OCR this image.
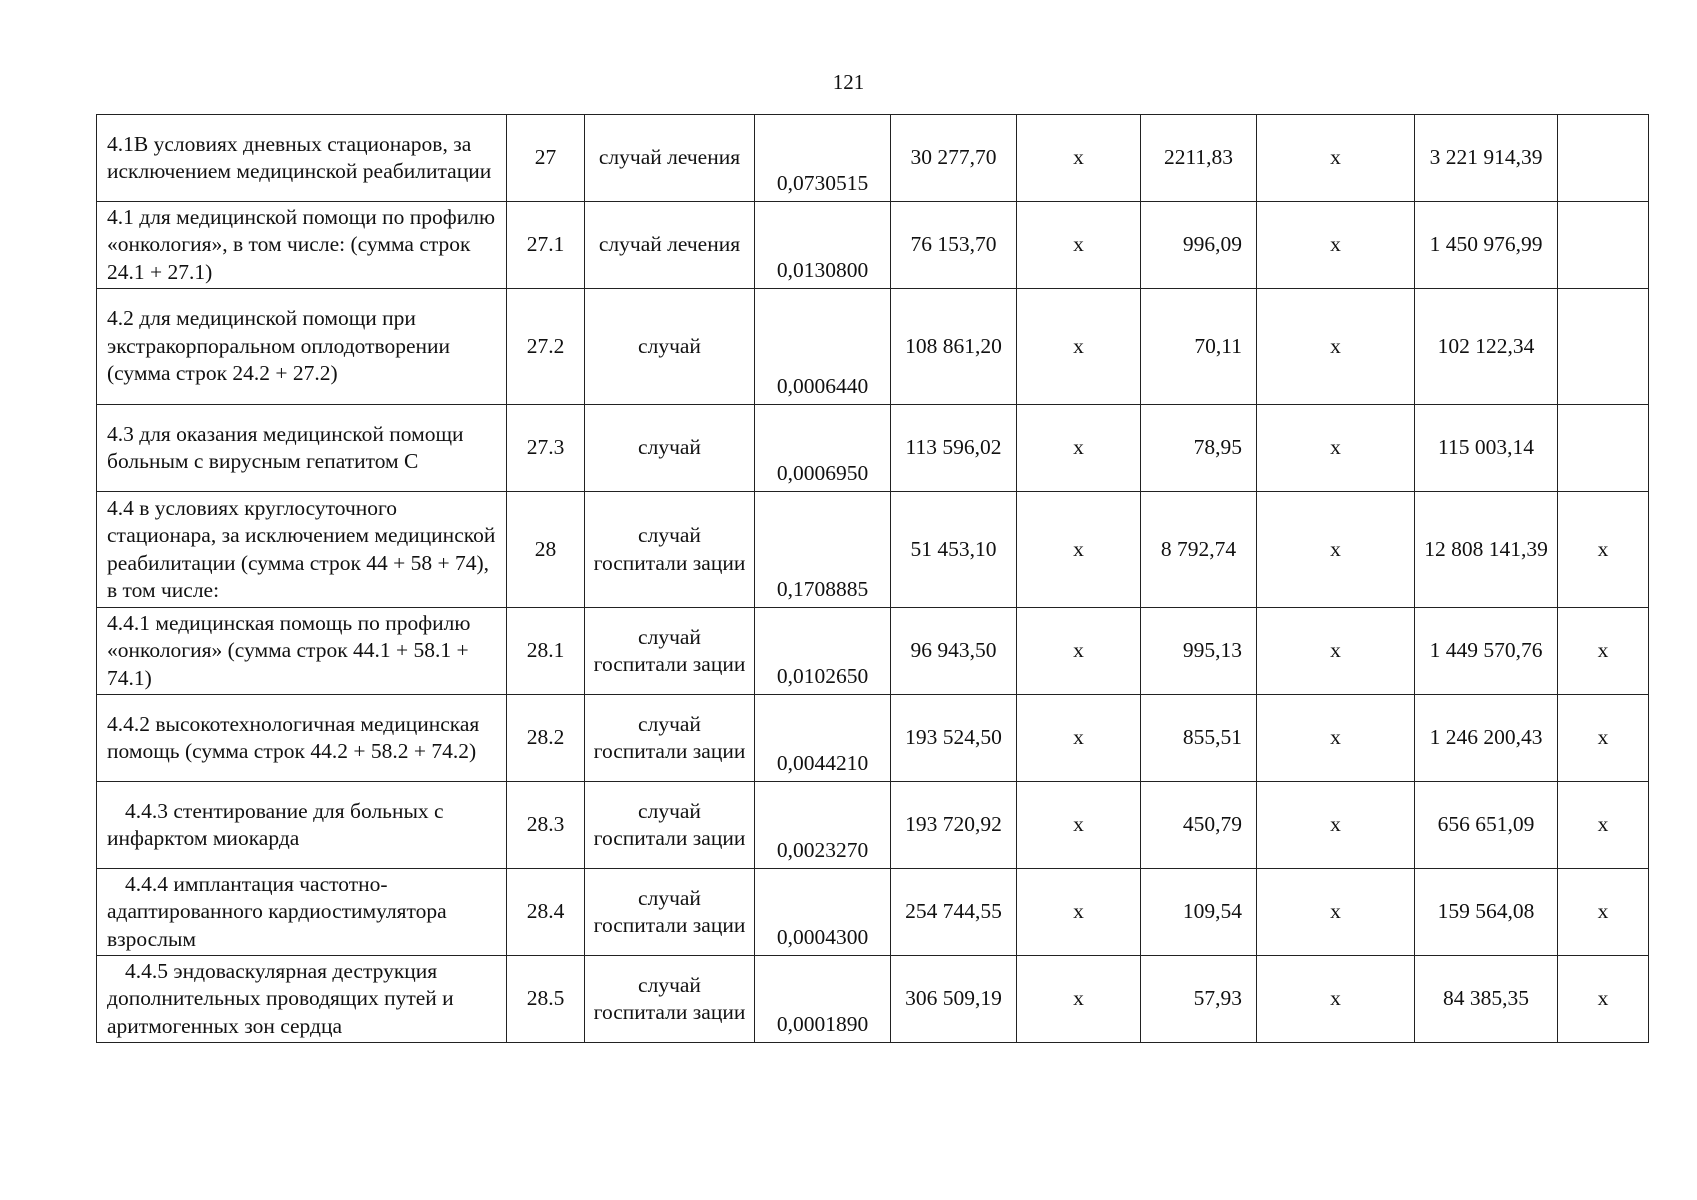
121
4.1В условиях дневных стационаров, за исключением медицинской реабилитации	27	случай лечения	0,0730515	30 277,70	х	2211,83	х	3 221 914,39	
4.1 для медицинской помощи по профилю «онкология», в том числе: (сумма строк 24.1 + 27.1)	27.1	случай лечения	0,0130800	76 153,70	х	996,09	х	1 450 976,99	
4.2 для медицинской помощи при экстракорпоральном оплодотворении (сумма строк 24.2 + 27.2)	27.2	случай	0,0006440	108 861,20	х	70,11	х	102 122,34	
4.3 для оказания медицинской помощи больным с вирусным гепатитом С	27.3	случай	0,0006950	113 596,02	х	78,95	х	115 003,14	
4.4 в условиях круглосуточного стационара, за исключением медицинской реабилитации (сумма строк 44 + 58 + 74), в том числе:	28	случай госпитали зации	0,1708885	51 453,10	х	8 792,74	х	12 808 141,39	х
4.4.1 медицинская помощь по профилю «онкология» (сумма строк 44.1 + 58.1 + 74.1)	28.1	случай госпитали зации	0,0102650	96 943,50	х	995,13	х	1 449 570,76	х
4.4.2 высокотехнологичная медицинская помощь (сумма строк 44.2 + 58.2 + 74.2)	28.2	случай госпитали зации	0,0044210	193 524,50	х	855,51	х	1 246 200,43	х
4.4.3 стентирование для больных с инфарктом миокарда	28.3	случай госпитали зации	0,0023270	193 720,92	х	450,79	х	656 651,09	х
4.4.4 имплантация частотно-адаптированного кардиостимулятора взрослым	28.4	случай госпитали зации	0,0004300	254 744,55	х	109,54	х	159 564,08	х
4.4.5 эндоваскулярная деструкция дополнительных проводящих путей и аритмогенных зон сердца	28.5	случай госпитали зации	0,0001890	306 509,19	х	57,93	х	84 385,35	х
